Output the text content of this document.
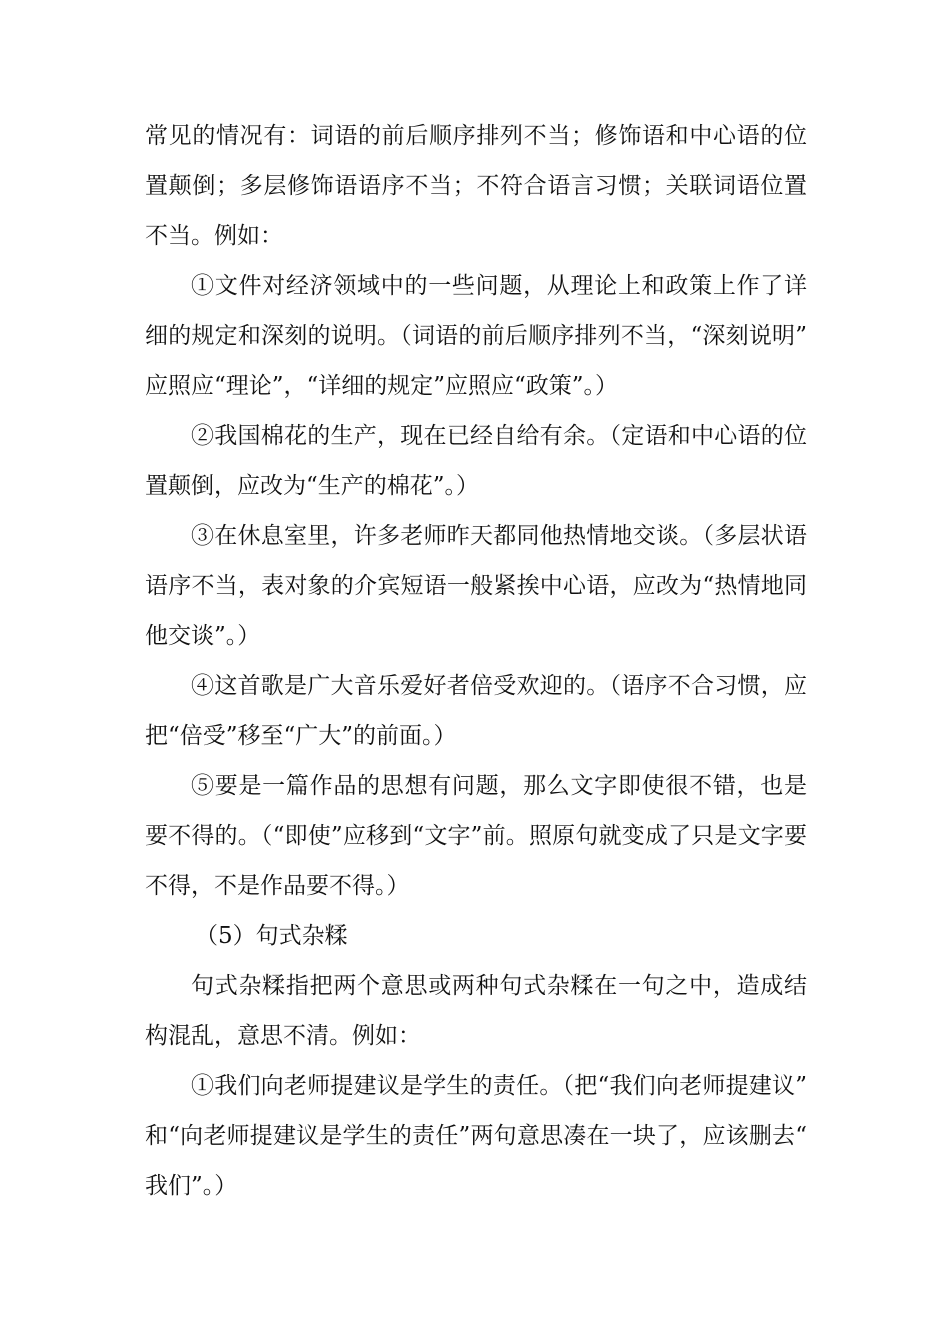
常见的情况有：词语的前后顺序排列不当；修饰语和中心语的位置颠倒；多层修饰语语序不当；不符合语言习惯；关联词语位置不当。例如：

①文件对经济领域中的一些问题，从理论上和政策上作了详细的规定和深刻的说明。（词语的前后顺序排列不当，“深刻说明”应照应“理论”，“详细的规定”应照应“政策”。）

②我国棉花的生产，现在已经自给有余。（定语和中心语的位置颠倒，应改为“生产的棉花”。）

③在休息室里，许多老师昨天都同他热情地交谈。（多层状语语序不当，表对象的介宾短语一般紧挨中心语，应改为“热情地同他交谈”。）

④这首歌是广大音乐爱好者倍受欢迎的。（语序不合习惯，应把“倍受”移至“广大”的前面。）

⑤要是一篇作品的思想有问题，那么文字即使很不错，也是要不得的。（“即使”应移到“文字”前。照原句就变成了只是文字要不得，不是作品要不得。）

（5）句式杂糅

句式杂糅指把两个意思或两种句式杂糅在一句之中，造成结构混乱，意思不清。例如：

①我们向老师提建议是学生的责任。（把“我们向老师提建议”和“向老师提建议是学生的责任”两句意思凑在一块了，应该删去“我们”。）
